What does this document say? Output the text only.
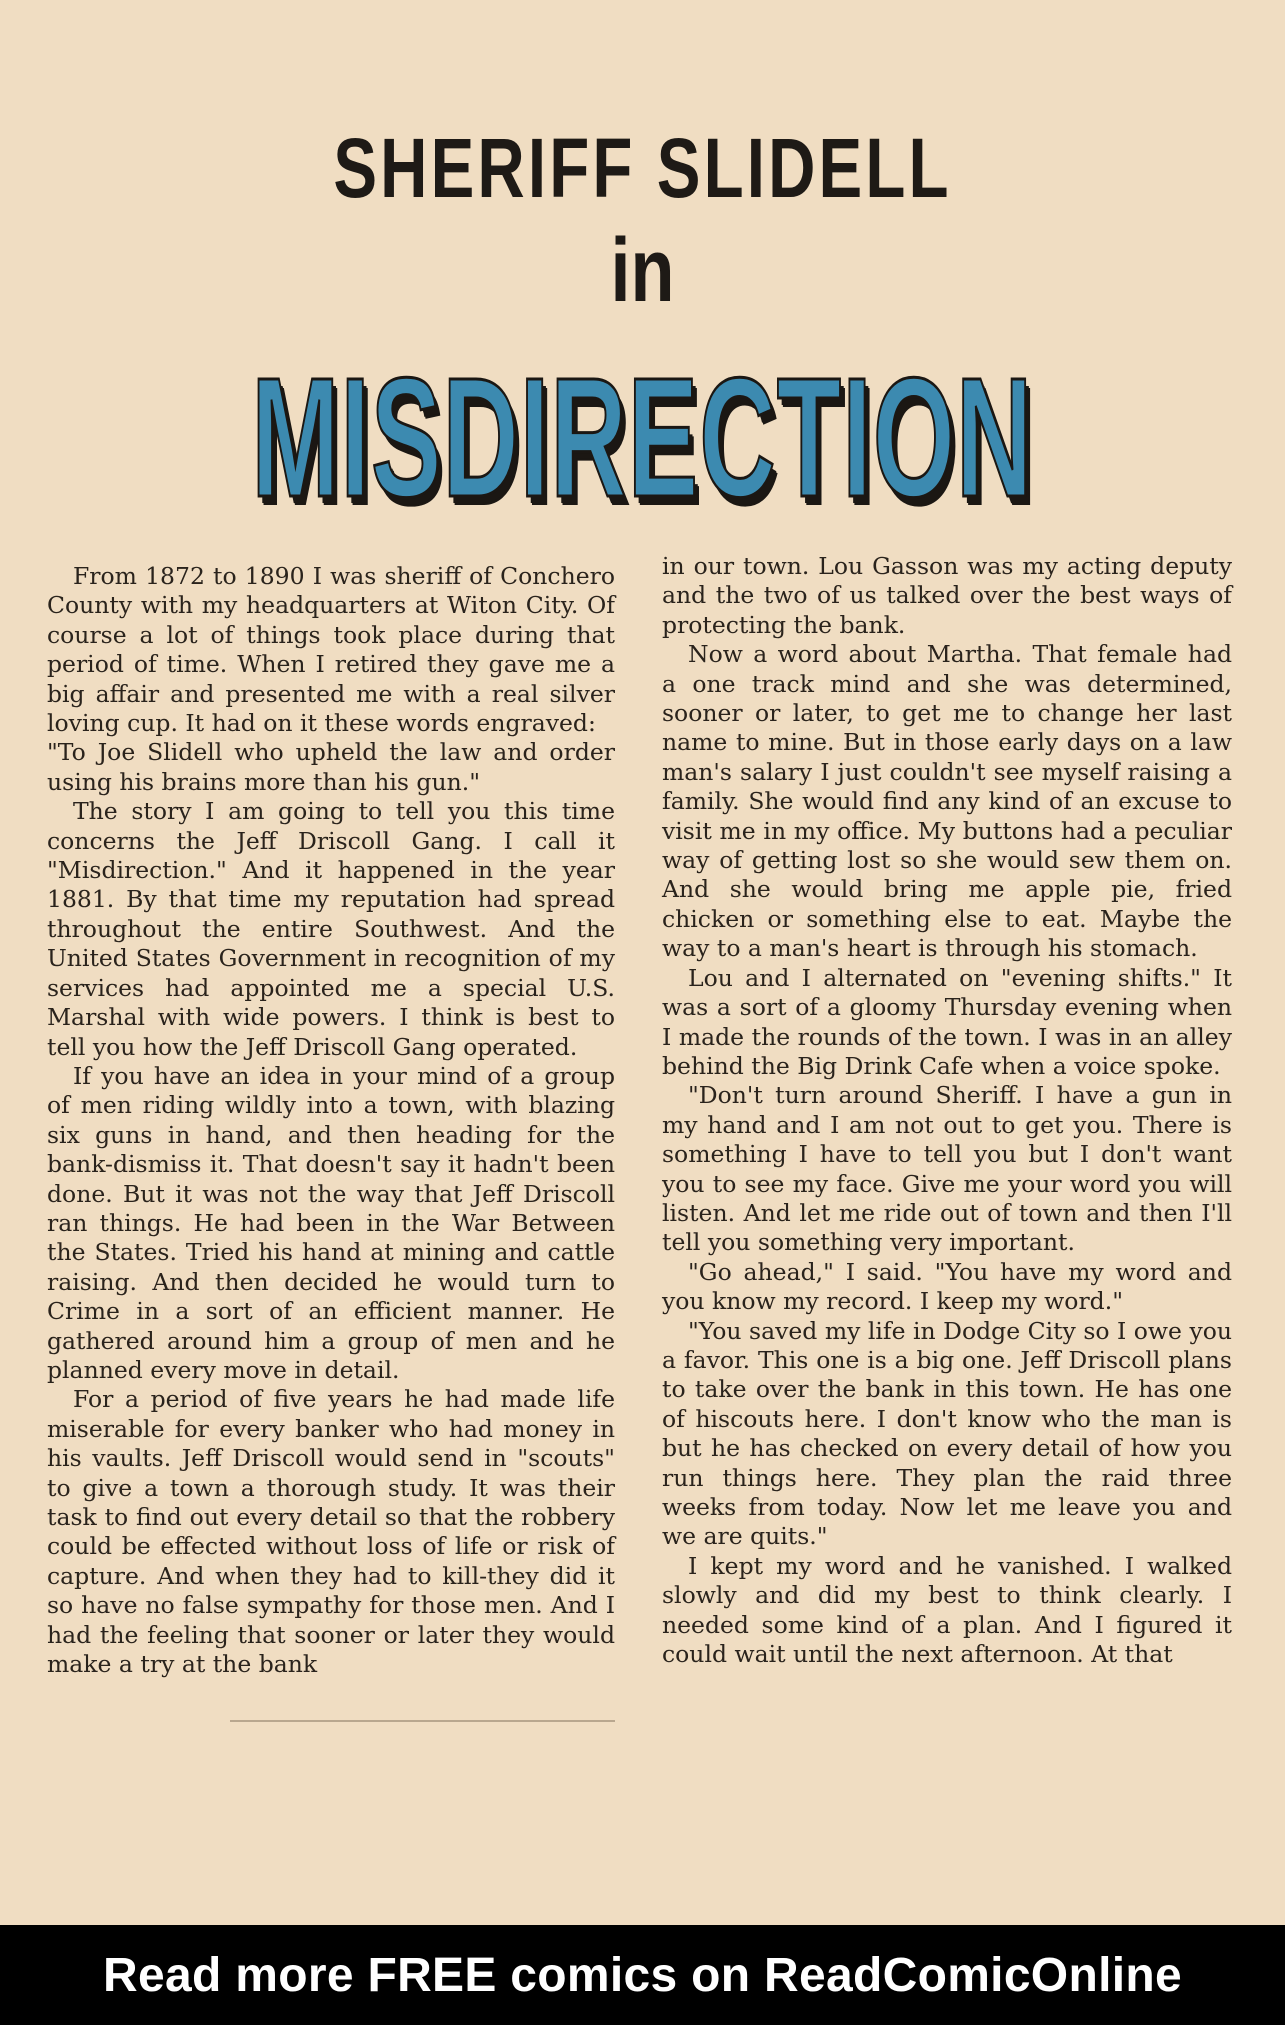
SHERIFF SLIDELL
in
MISDIRECTION

From 1872 to 1890 I was sheriff of Conchero County with my headquarters at Witon City. Of course a lot of things took place during that period of time. When I retired they gave me a big affair and presented me with a real silver loving cup. It had on it these words engraved:

"To Joe Slidell who upheld the law and order using his brains more than his gun."

The story I am going to tell you this time concerns the Jeff Driscoll Gang. I call it "Misdirection." And it happened in the year 1881. By that time my reputation had spread throughout the entire Southwest. And the United States Government in recognition of my services had appointed me a special U.S. Marshal with wide powers. I think is best to tell you how the Jeff Driscoll Gang operated.

If you have an idea in your mind of a group of men riding wildly into a town, with blazing six guns in hand, and then heading for the bank-dismiss it. That doesn't say it hadn't been done. But it was not the way that Jeff Driscoll ran things. He had been in the War Between the States. Tried his hand at mining and cattle raising. And then decided he would turn to Crime in a sort of an efficient manner. He gathered around him a group of men and he planned every move in detail.

For a period of five years he had made life miserable for every banker who had money in his vaults. Jeff Driscoll would send in "scouts" to give a town a thorough study. It was their task to find out every detail so that the robbery could be effected without loss of life or risk of capture. And when they had to kill-they did it so have no false sympathy for those men. And I had the feeling that sooner or later they would make a try at the bank

in our town. Lou Gasson was my acting deputy and the two of us talked over the best ways of protecting the bank.

Now a word about Martha. That female had a one track mind and she was determined, sooner or later, to get me to change her last name to mine. But in those early days on a law man's salary I just couldn't see myself raising a family. She would find any kind of an excuse to visit me in my office. My buttons had a peculiar way of getting lost so she would sew them on. And she would bring me apple pie, fried chicken or something else to eat. Maybe the way to a man's heart is through his stomach.

Lou and I alternated on "evening shifts." It was a sort of a gloomy Thursday evening when I made the rounds of the town. I was in an alley behind the Big Drink Cafe when a voice spoke.

"Don't turn around Sheriff. I have a gun in my hand and I am not out to get you. There is something I have to tell you but I don't want you to see my face. Give me your word you will listen. And let me ride out of town and then I'll tell you something very important.

"Go ahead," I said. "You have my word and you know my record. I keep my word."

"You saved my life in Dodge City so I owe you a favor. This one is a big one. Jeff Driscoll plans to take over the bank in this town. He has one of hiscouts here. I don't know who the man is but he has checked on every detail of how you run things here. They plan the raid three weeks from today. Now let me leave you and we are quits."

I kept my word and he vanished. I walked slowly and did my best to think clearly. I needed some kind of a plan. And I figured it could wait until the next afternoon. At that

Read more FREE comics on ReadComicOnline
